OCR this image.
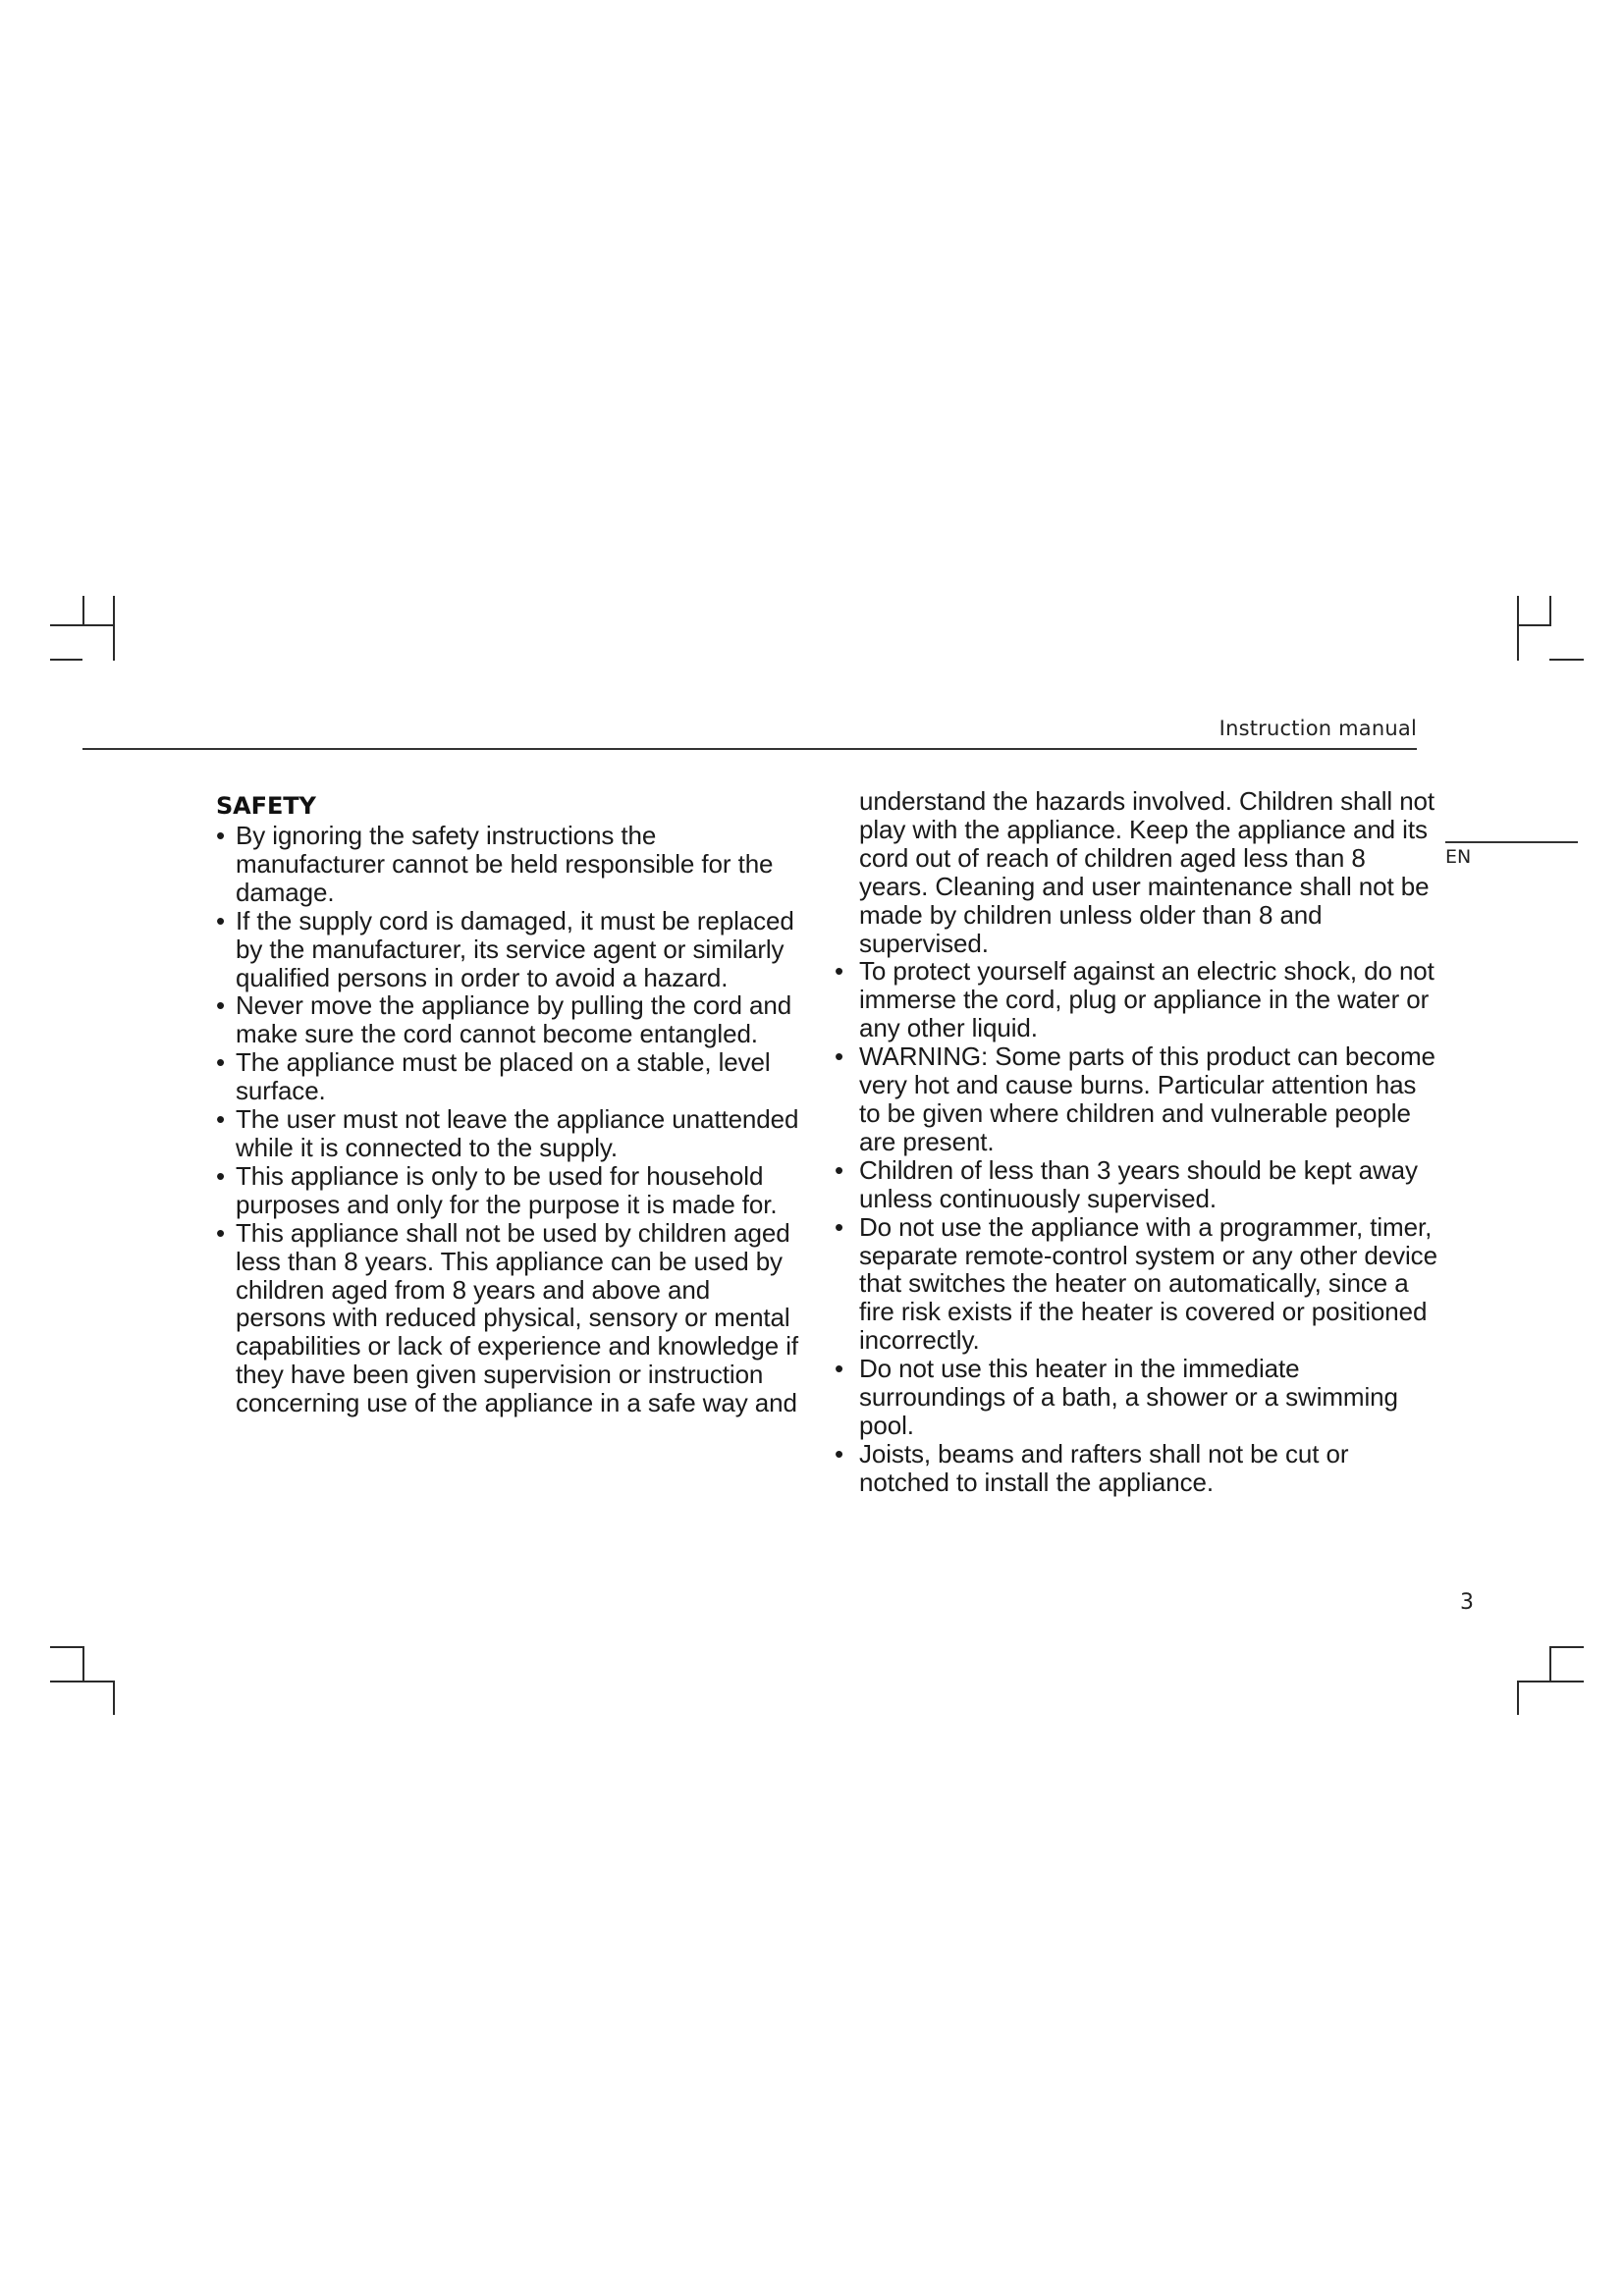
Instruction manual
EN
SAFETY
• By ignoring the safety instructions the manufacturer cannot be held responsible for the damage.
• If the supply cord is damaged, it must be replaced by the manufacturer, its service agent or similarly qualified persons in order to avoid a hazard.
• Never move the appliance by pulling the cord and make sure the cord cannot become entangled.
• The appliance must be placed on a stable, level surface.
• The user must not leave the appliance unattended while it is connected to the supply.
• This appliance is only to be used for household purposes and only for the purpose it is made for.
• This appliance shall not be used by children aged less than 8 years. This appliance can be used by children aged from 8 years and above and persons with reduced physical, sensory or mental capabilities or lack of experience and knowledge if they have been given supervision or instruction concerning use of the appliance in a safe way and

understand the hazards involved. Children shall not play with the appliance. Keep the appliance and its cord out of reach of children aged less than 8 years. Cleaning and user maintenance shall not be made by children unless older than 8 and supervised.

• To protect yourself against an electric shock, do not immerse the cord, plug or appliance in the water or any other liquid.
• WARNING: Some parts of this product can become very hot and cause burns. Particular attention has to be given where children and vulnerable people are present.
• Children of less than 3 years should be kept away unless continuously supervised.
• Do not use the appliance with a programmer, timer, separate remote-control system or any other device that switches the heater on automatically, since a fire risk exists if the heater is covered or positioned incorrectly.
• Do not use this heater in the immediate surroundings of a bath, a shower or a swimming pool.
• Joists, beams and rafters shall not be cut or notched to install the appliance.
3
